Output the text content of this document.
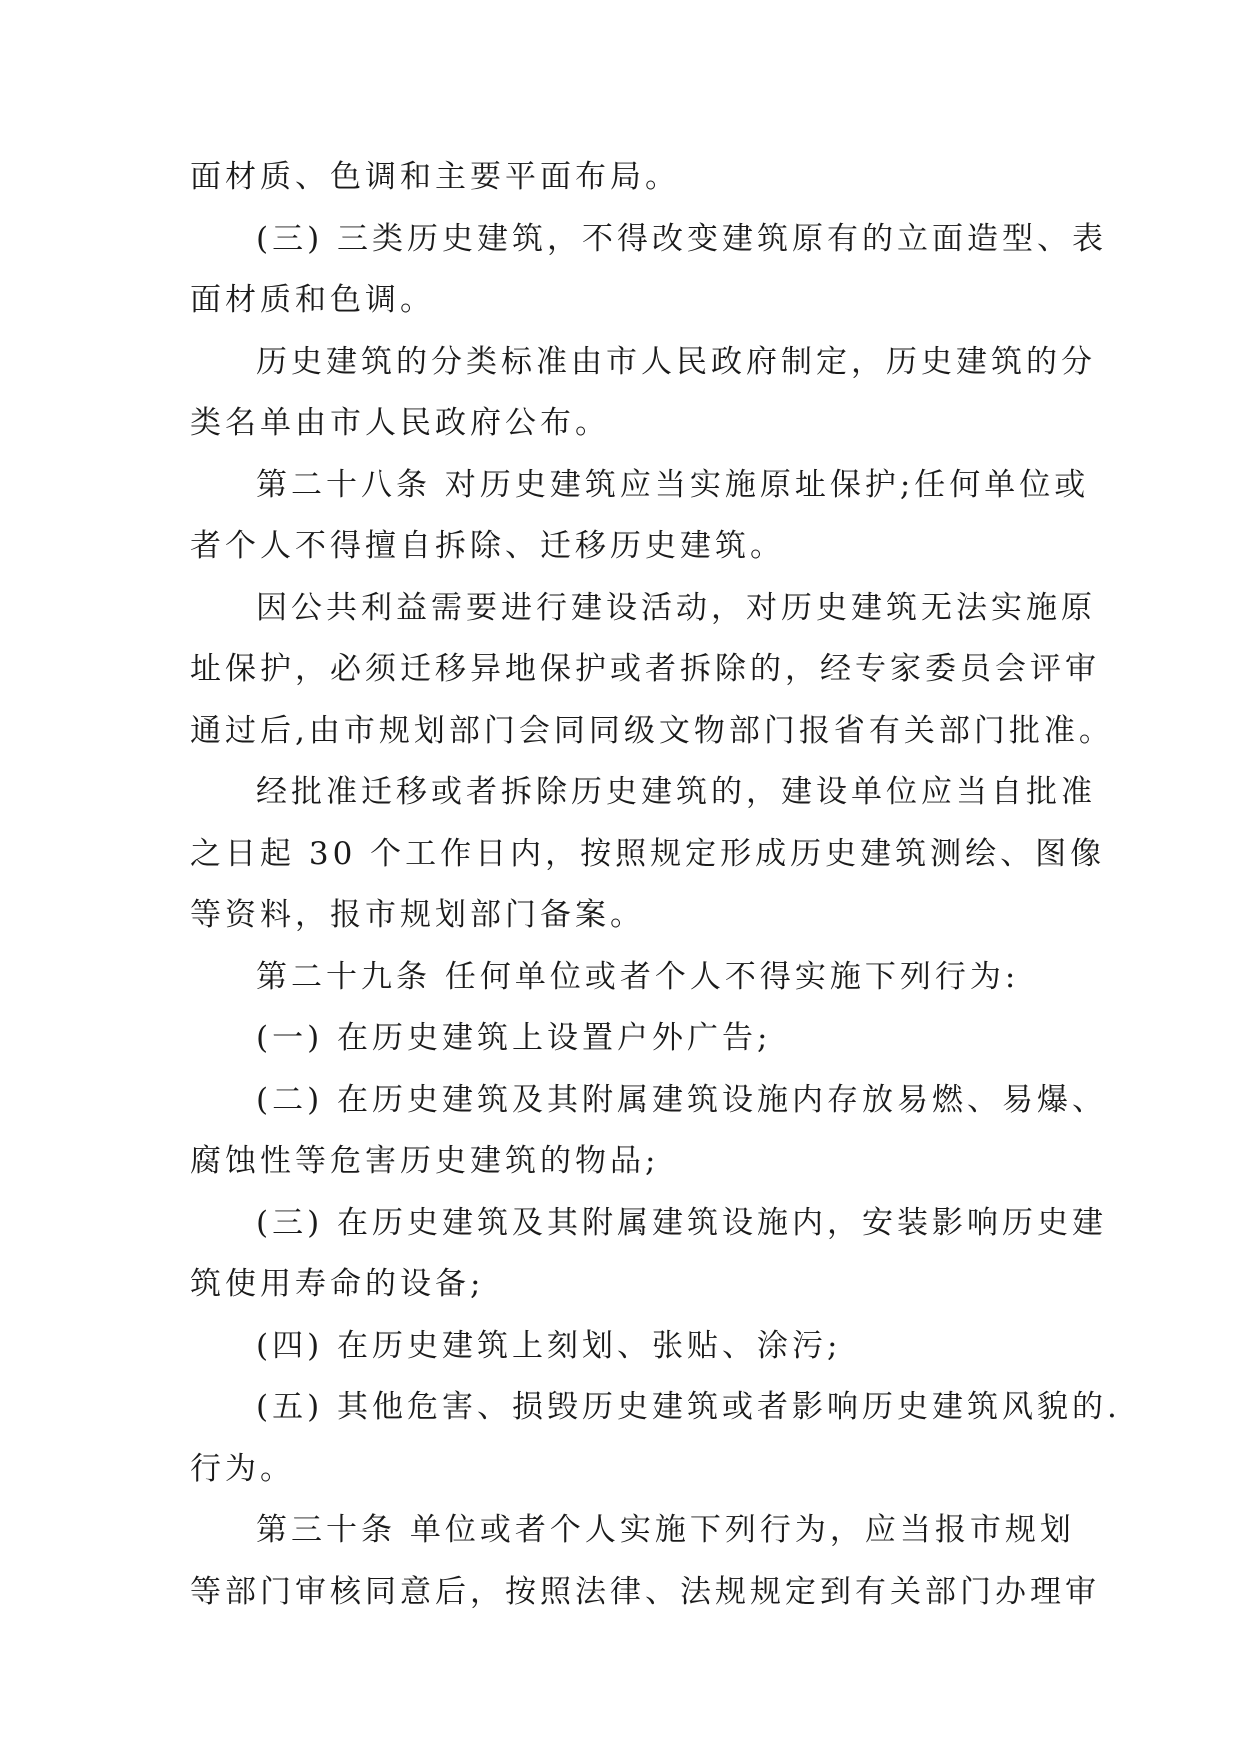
面材质、色调和主要平面布局。
(三) 三类历史建筑，不得改变建筑原有的立面造型、表
面材质和色调。
历史建筑的分类标准由市人民政府制定，历史建筑的分
类名单由市人民政府公布。
第二十八条 对历史建筑应当实施原址保护;任何单位或
者个人不得擅自拆除、迁移历史建筑。
因公共利益需要进行建设活动，对历史建筑无法实施原
址保护，必须迁移异地保护或者拆除的，经专家委员会评审
通过后,由市规划部门会同同级文物部门报省有关部门批准。
经批准迁移或者拆除历史建筑的，建设单位应当自批准
之日起 30 个工作日内，按照规定形成历史建筑测绘、图像
等资料，报市规划部门备案。
第二十九条 任何单位或者个人不得实施下列行为:
(一) 在历史建筑上设置户外广告;
(二) 在历史建筑及其附属建筑设施内存放易燃、易爆、
腐蚀性等危害历史建筑的物品;
(三) 在历史建筑及其附属建筑设施内，安装影响历史建
筑使用寿命的设备;
(四) 在历史建筑上刻划、张贴、涂污;
(五) 其他危害、损毁历史建筑或者影响历史建筑风貌的.
行为。
第三十条 单位或者个人实施下列行为，应当报市规划
等部门审核同意后，按照法律、法规规定到有关部门办理审
